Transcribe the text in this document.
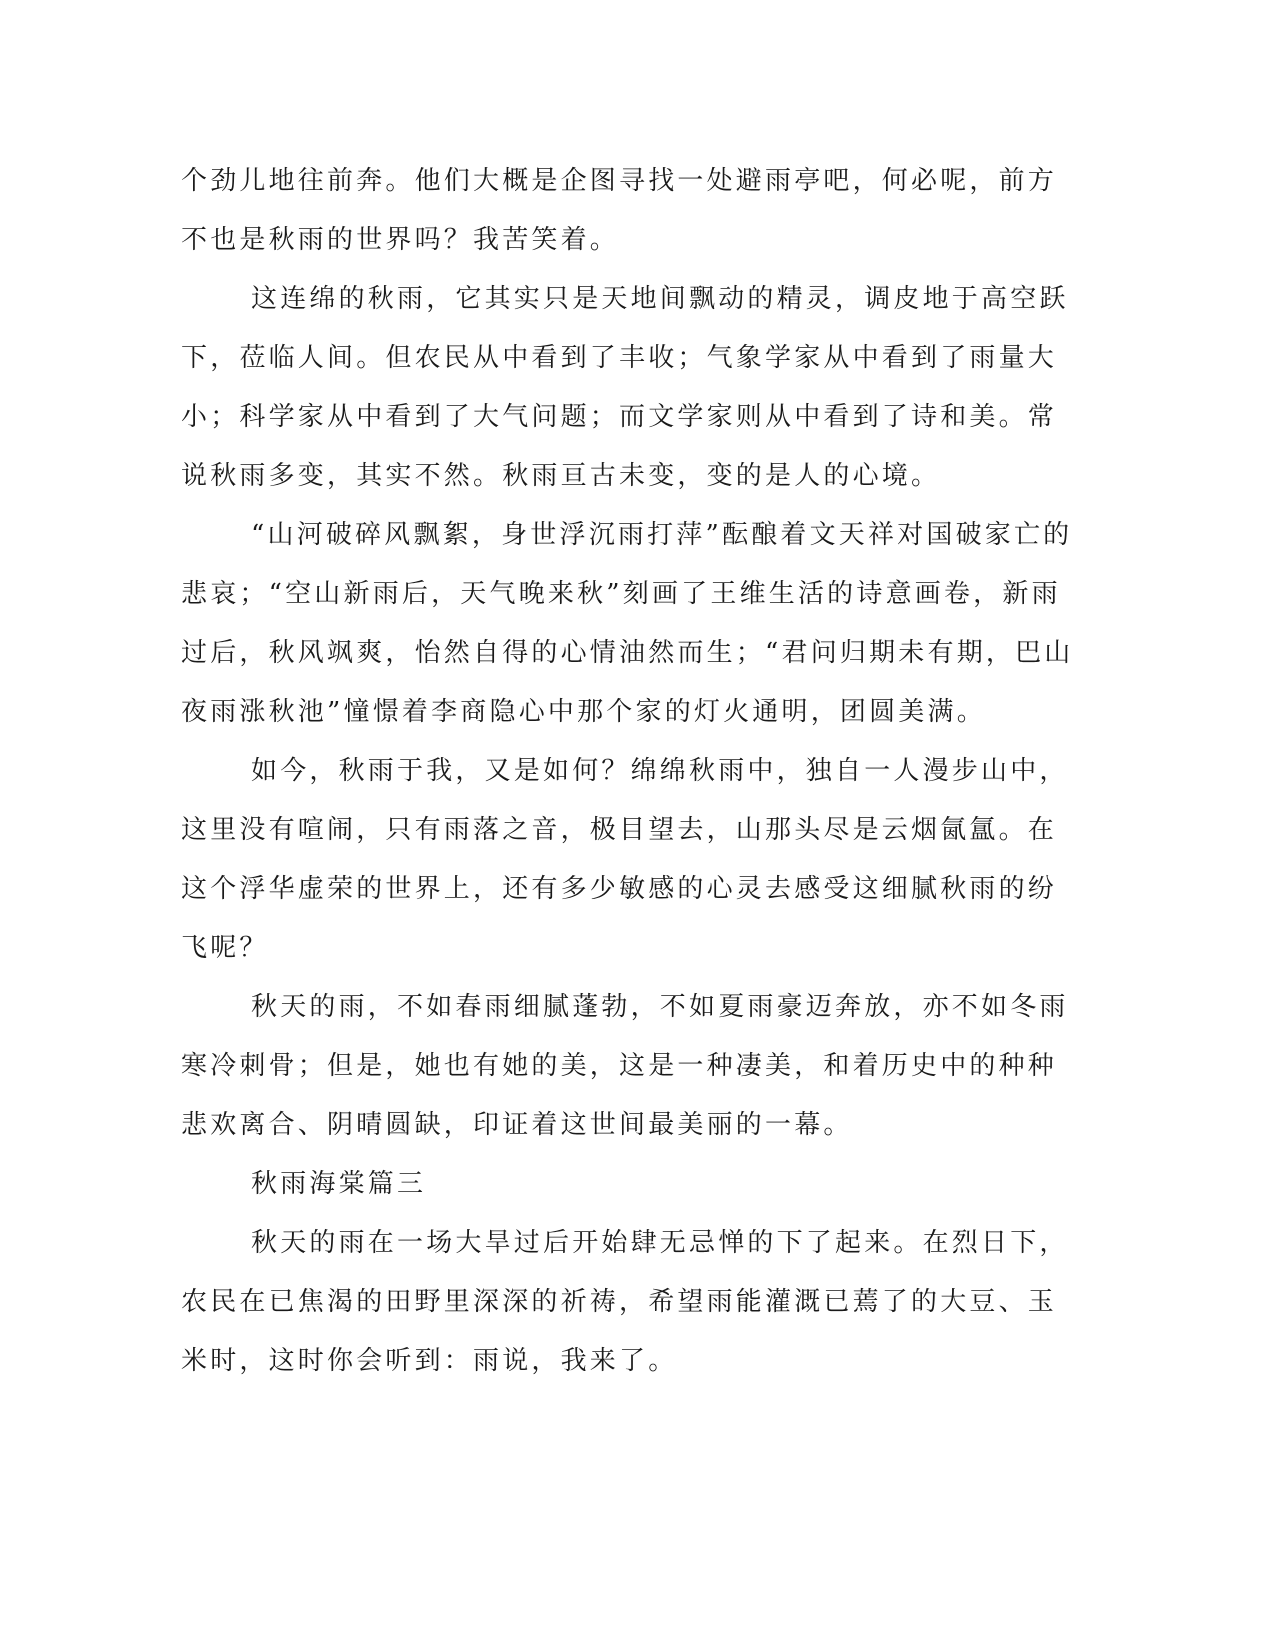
个劲儿地往前奔。他们大概是企图寻找一处避雨亭吧，何必呢，前方
不也是秋雨的世界吗？我苦笑着。
这连绵的秋雨，它其实只是天地间飘动的精灵，调皮地于高空跃
下，莅临人间。但农民从中看到了丰收；气象学家从中看到了雨量大
小；科学家从中看到了大气问题；而文学家则从中看到了诗和美。常
说秋雨多变，其实不然。秋雨亘古未变，变的是人的心境。
“山河破碎风飘絮，身世浮沉雨打萍”酝酿着文天祥对国破家亡的
悲哀；“空山新雨后，天气晚来秋”刻画了王维生活的诗意画卷，新雨
过后，秋风飒爽，怡然自得的心情油然而生；“君问归期未有期，巴山
夜雨涨秋池”憧憬着李商隐心中那个家的灯火通明，团圆美满。
如今，秋雨于我，又是如何？绵绵秋雨中，独自一人漫步山中，
这里没有喧闹，只有雨落之音，极目望去，山那头尽是云烟氤氲。在
这个浮华虚荣的世界上，还有多少敏感的心灵去感受这细腻秋雨的纷
飞呢？
秋天的雨，不如春雨细腻蓬勃，不如夏雨豪迈奔放，亦不如冬雨
寒冷刺骨；但是，她也有她的美，这是一种凄美，和着历史中的种种
悲欢离合、阴晴圆缺，印证着这世间最美丽的一幕。
秋雨海棠篇三
秋天的雨在一场大旱过后开始肆无忌惮的下了起来。在烈日下，
农民在已焦渴的田野里深深的祈祷，希望雨能灌溉已蔫了的大豆、玉
米时，这时你会听到：雨说，我来了。
